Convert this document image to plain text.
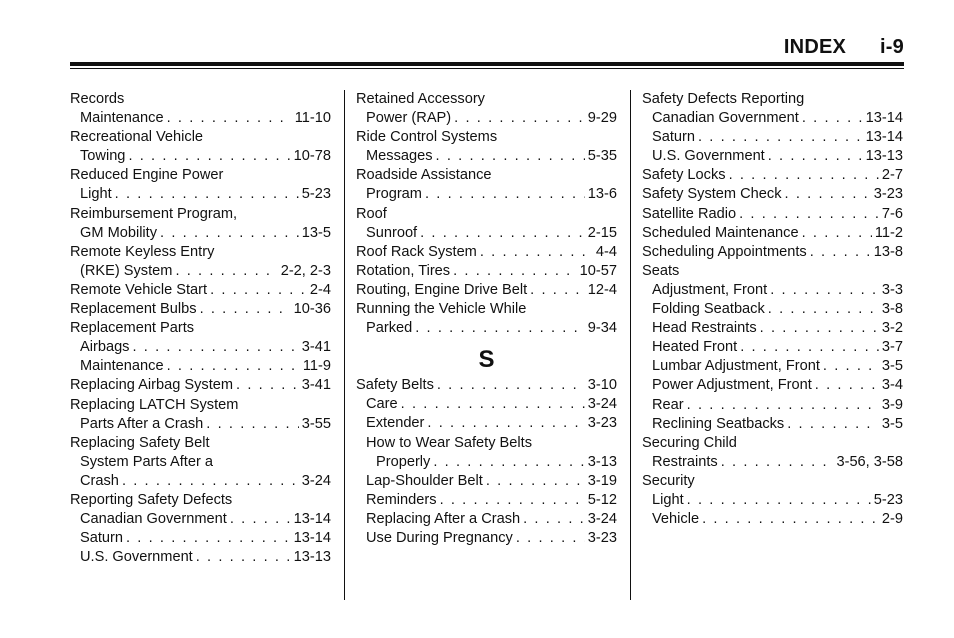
INDEX i-9
Records
Maintenance . . .	11-10
Recreational Vehicle
Towing . . .	10-78
Reduced Engine Power
Light . . .	5-23
Reimbursement Program,
GM Mobility . . .	13-5
Remote Keyless Entry
(RKE) System . . .	2-2, 2-3
Remote Vehicle Start . . .	2-4
Replacement Bulbs . . .	10-36
Replacement Parts
Airbags . . .	3-41
Maintenance . . .	11-9
Replacing Airbag System . . .	3-41
Replacing LATCH System
Parts After a Crash . . .	3-55
Replacing Safety Belt
System Parts After a
Crash . . .	3-24
Reporting Safety Defects
Canadian Government . . .	13-14
Saturn . . .	13-14
U.S. Government . . .	13-13
Retained Accessory
Power (RAP) . . .	9-29
Ride Control Systems
Messages . . .	5-35
Roadside Assistance
Program . . .	13-6
Roof
Sunroof . . .	2-15
Roof Rack System . . .	4-4
Rotation, Tires . . .	10-57
Routing, Engine Drive Belt . . .	12-4
Running the Vehicle While
Parked . . .	9-34
S
Safety Belts . . .	3-10
Care . . .	3-24
Extender . . .	3-23
How to Wear Safety Belts
Properly . . .	3-13
Lap-Shoulder Belt . . .	3-19
Reminders . . .	5-12
Replacing After a Crash . . .	3-24
Use During Pregnancy . . .	3-23
Safety Defects Reporting
Canadian Government . . .	13-14
Saturn . . .	13-14
U.S. Government . . .	13-13
Safety Locks . . .	2-7
Safety System Check . . .	3-23
Satellite Radio . . .	7-6
Scheduled Maintenance . . .	11-2
Scheduling Appointments . . .	13-8
Seats
Adjustment, Front . . .	3-3
Folding Seatback . . .	3-8
Head Restraints . . .	3-2
Heated Front . . .	3-7
Lumbar Adjustment, Front . . .	3-5
Power Adjustment, Front . . .	3-4
Rear . . .	3-9
Reclining Seatbacks . . .	3-5
Securing Child
Restraints . . .	3-56, 3-58
Security
Light . . .	5-23
Vehicle . . .	2-9
